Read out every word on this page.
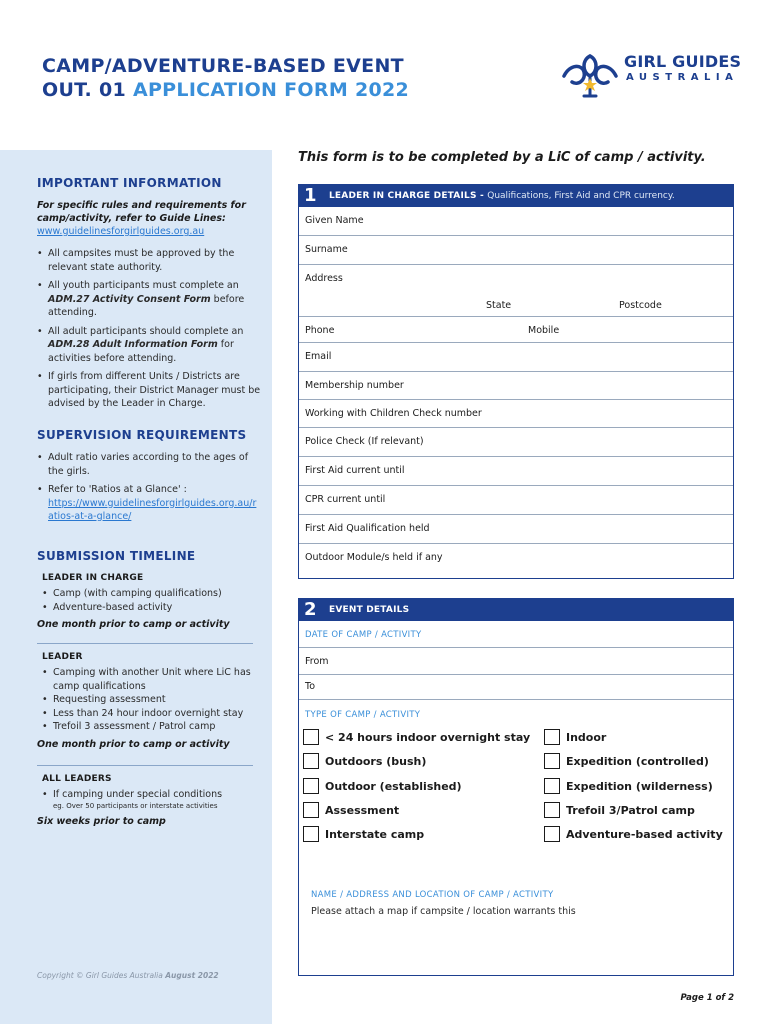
CAMP/ADVENTURE-BASED EVENT
OUT. 01 APPLICATION FORM 2022
GIRL GUIDES
AUSTRALIA
IMPORTANT INFORMATION
For specific rules and requirements for camp/activity, refer to Guide Lines:
www.guidelinesforgirlguides.org.au
• All campsites must be approved by the relevant state authority.
• All youth participants must complete an ADM.27 Activity Consent Form before attending.
• All adult participants should complete an ADM.28 Adult Information Form for activities before attending.
• If girls from different Units / Districts are participating, their District Manager must be advised by the Leader in Charge.
SUPERVISION REQUIREMENTS
• Adult ratio varies according to the ages of the girls.
• Refer to 'Ratios at a Glance' :
https://www.guidelinesforgirlguides.org.au/ratios-at-a-glance/
SUBMISSION TIMELINE
LEADER IN CHARGE
• Camp (with camping qualifications)
• Adventure-based activity
One month prior to camp or activity
LEADER
• Camping with another Unit where LiC has camp qualifications
• Requesting assessment
• Less than 24 hour indoor overnight stay
• Trefoil 3 assessment / Patrol camp
One month prior to camp or activity
ALL LEADERS
• If camping under special conditions
eg. Over 50 participants or interstate activities
Six weeks prior to camp
Copyright © Girl Guides Australia August 2022
This form is to be completed by a LiC of camp / activity.
1 LEADER IN CHARGE DETAILS - Qualifications, First Aid and CPR currency.
Given Name
Surname
Address
State	Postcode
Phone	Mobile
Email
Membership number
Working with Children Check number
Police Check (If relevant)
First Aid current until
CPR current until
First Aid Qualification held
Outdoor Module/s held if any
2 EVENT DETAILS
DATE OF CAMP / ACTIVITY
From
To
TYPE OF CAMP / ACTIVITY
< 24 hours indoor overnight stay
Outdoors (bush)
Outdoor (established)
Assessment
Interstate camp
Indoor
Expedition (controlled)
Expedition (wilderness)
Trefoil 3/Patrol camp
Adventure-based activity
NAME / ADDRESS AND LOCATION OF CAMP / ACTIVITY
Please attach a map if campsite / location warrants this
Page 1 of 2
